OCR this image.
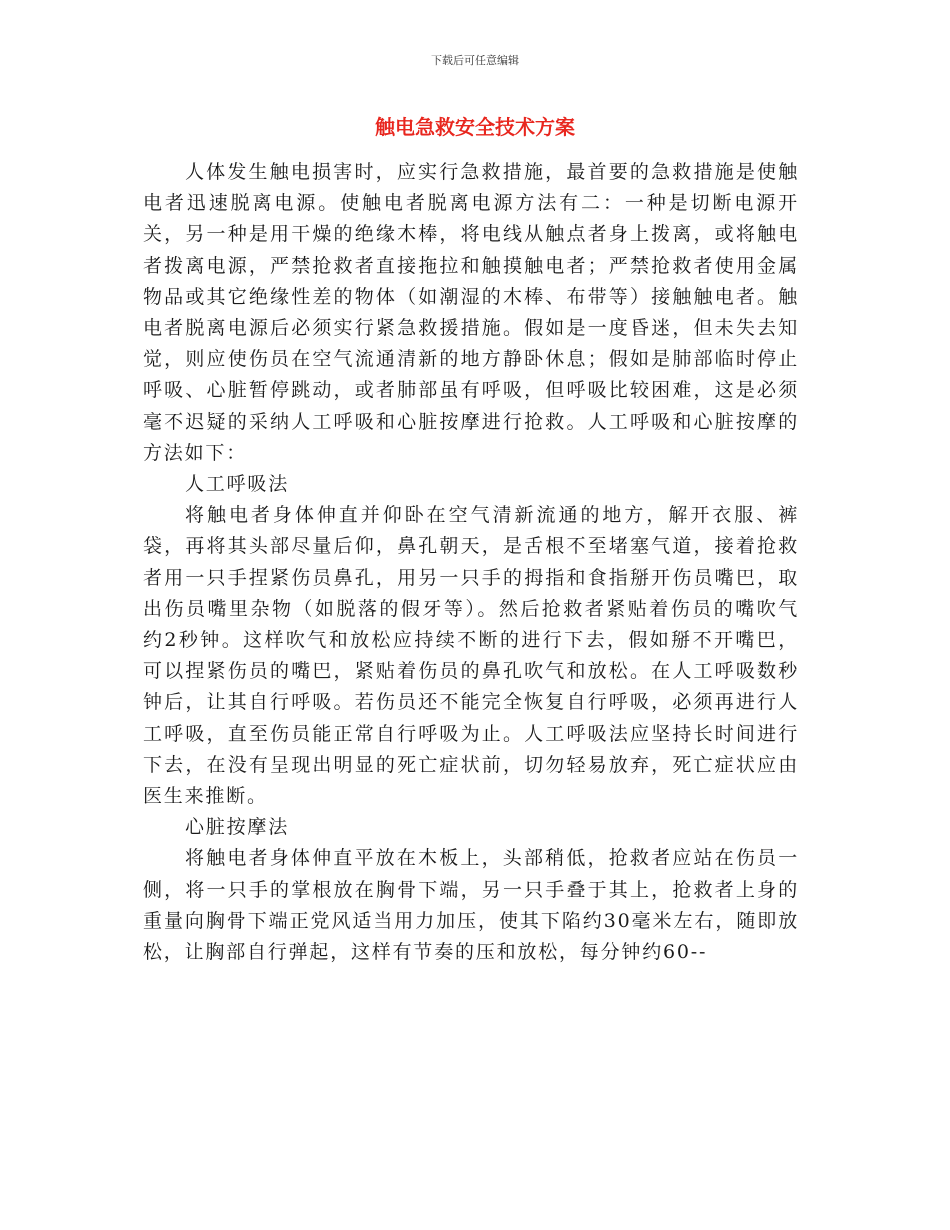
下载后可任意编辑
触电急救安全技术方案

人体发生触电损害时，应实行急救措施，最首要的急救措施是使触电者迅速脱离电源。使触电者脱离电源方法有二：一种是切断电源开关，另一种是用干燥的绝缘木棒，将电线从触点者身上拨离，或将触电者拨离电源，严禁抢救者直接拖拉和触摸触电者；严禁抢救者使用金属物品或其它绝缘性差的物体（如潮湿的木棒、布带等）接触触电者。触电者脱离电源后必须实行紧急救援措施。假如是一度昏迷，但未失去知觉，则应使伤员在空气流通清新的地方静卧休息；假如是肺部临时停止呼吸、心脏暂停跳动，或者肺部虽有呼吸，但呼吸比较困难，这是必须毫不迟疑的采纳人工呼吸和心脏按摩进行抢救。人工呼吸和心脏按摩的方法如下：

人工呼吸法

将触电者身体伸直并仰卧在空气清新流通的地方，解开衣服、裤袋，再将其头部尽量后仰，鼻孔朝天，是舌根不至堵塞气道，接着抢救者用一只手捏紧伤员鼻孔，用另一只手的拇指和食指掰开伤员嘴巴，取出伤员嘴里杂物（如脱落的假牙等）。然后抢救者紧贴着伤员的嘴吹气约2秒钟。这样吹气和放松应持续不断的进行下去，假如掰不开嘴巴，可以捏紧伤员的嘴巴，紧贴着伤员的鼻孔吹气和放松。在人工呼吸数秒钟后，让其自行呼吸。若伤员还不能完全恢复自行呼吸，必须再进行人工呼吸，直至伤员能正常自行呼吸为止。人工呼吸法应坚持长时间进行下去，在没有呈现出明显的死亡症状前，切勿轻易放弃，死亡症状应由医生来推断。

心脏按摩法

将触电者身体伸直平放在木板上，头部稍低，抢救者应站在伤员一侧，将一只手的掌根放在胸骨下端，另一只手叠于其上，抢救者上身的重量向胸骨下端正党风适当用力加压，使其下陷约30毫米左右，随即放松，让胸部自行弹起，这样有节奏的压和放松，每分钟约60--
